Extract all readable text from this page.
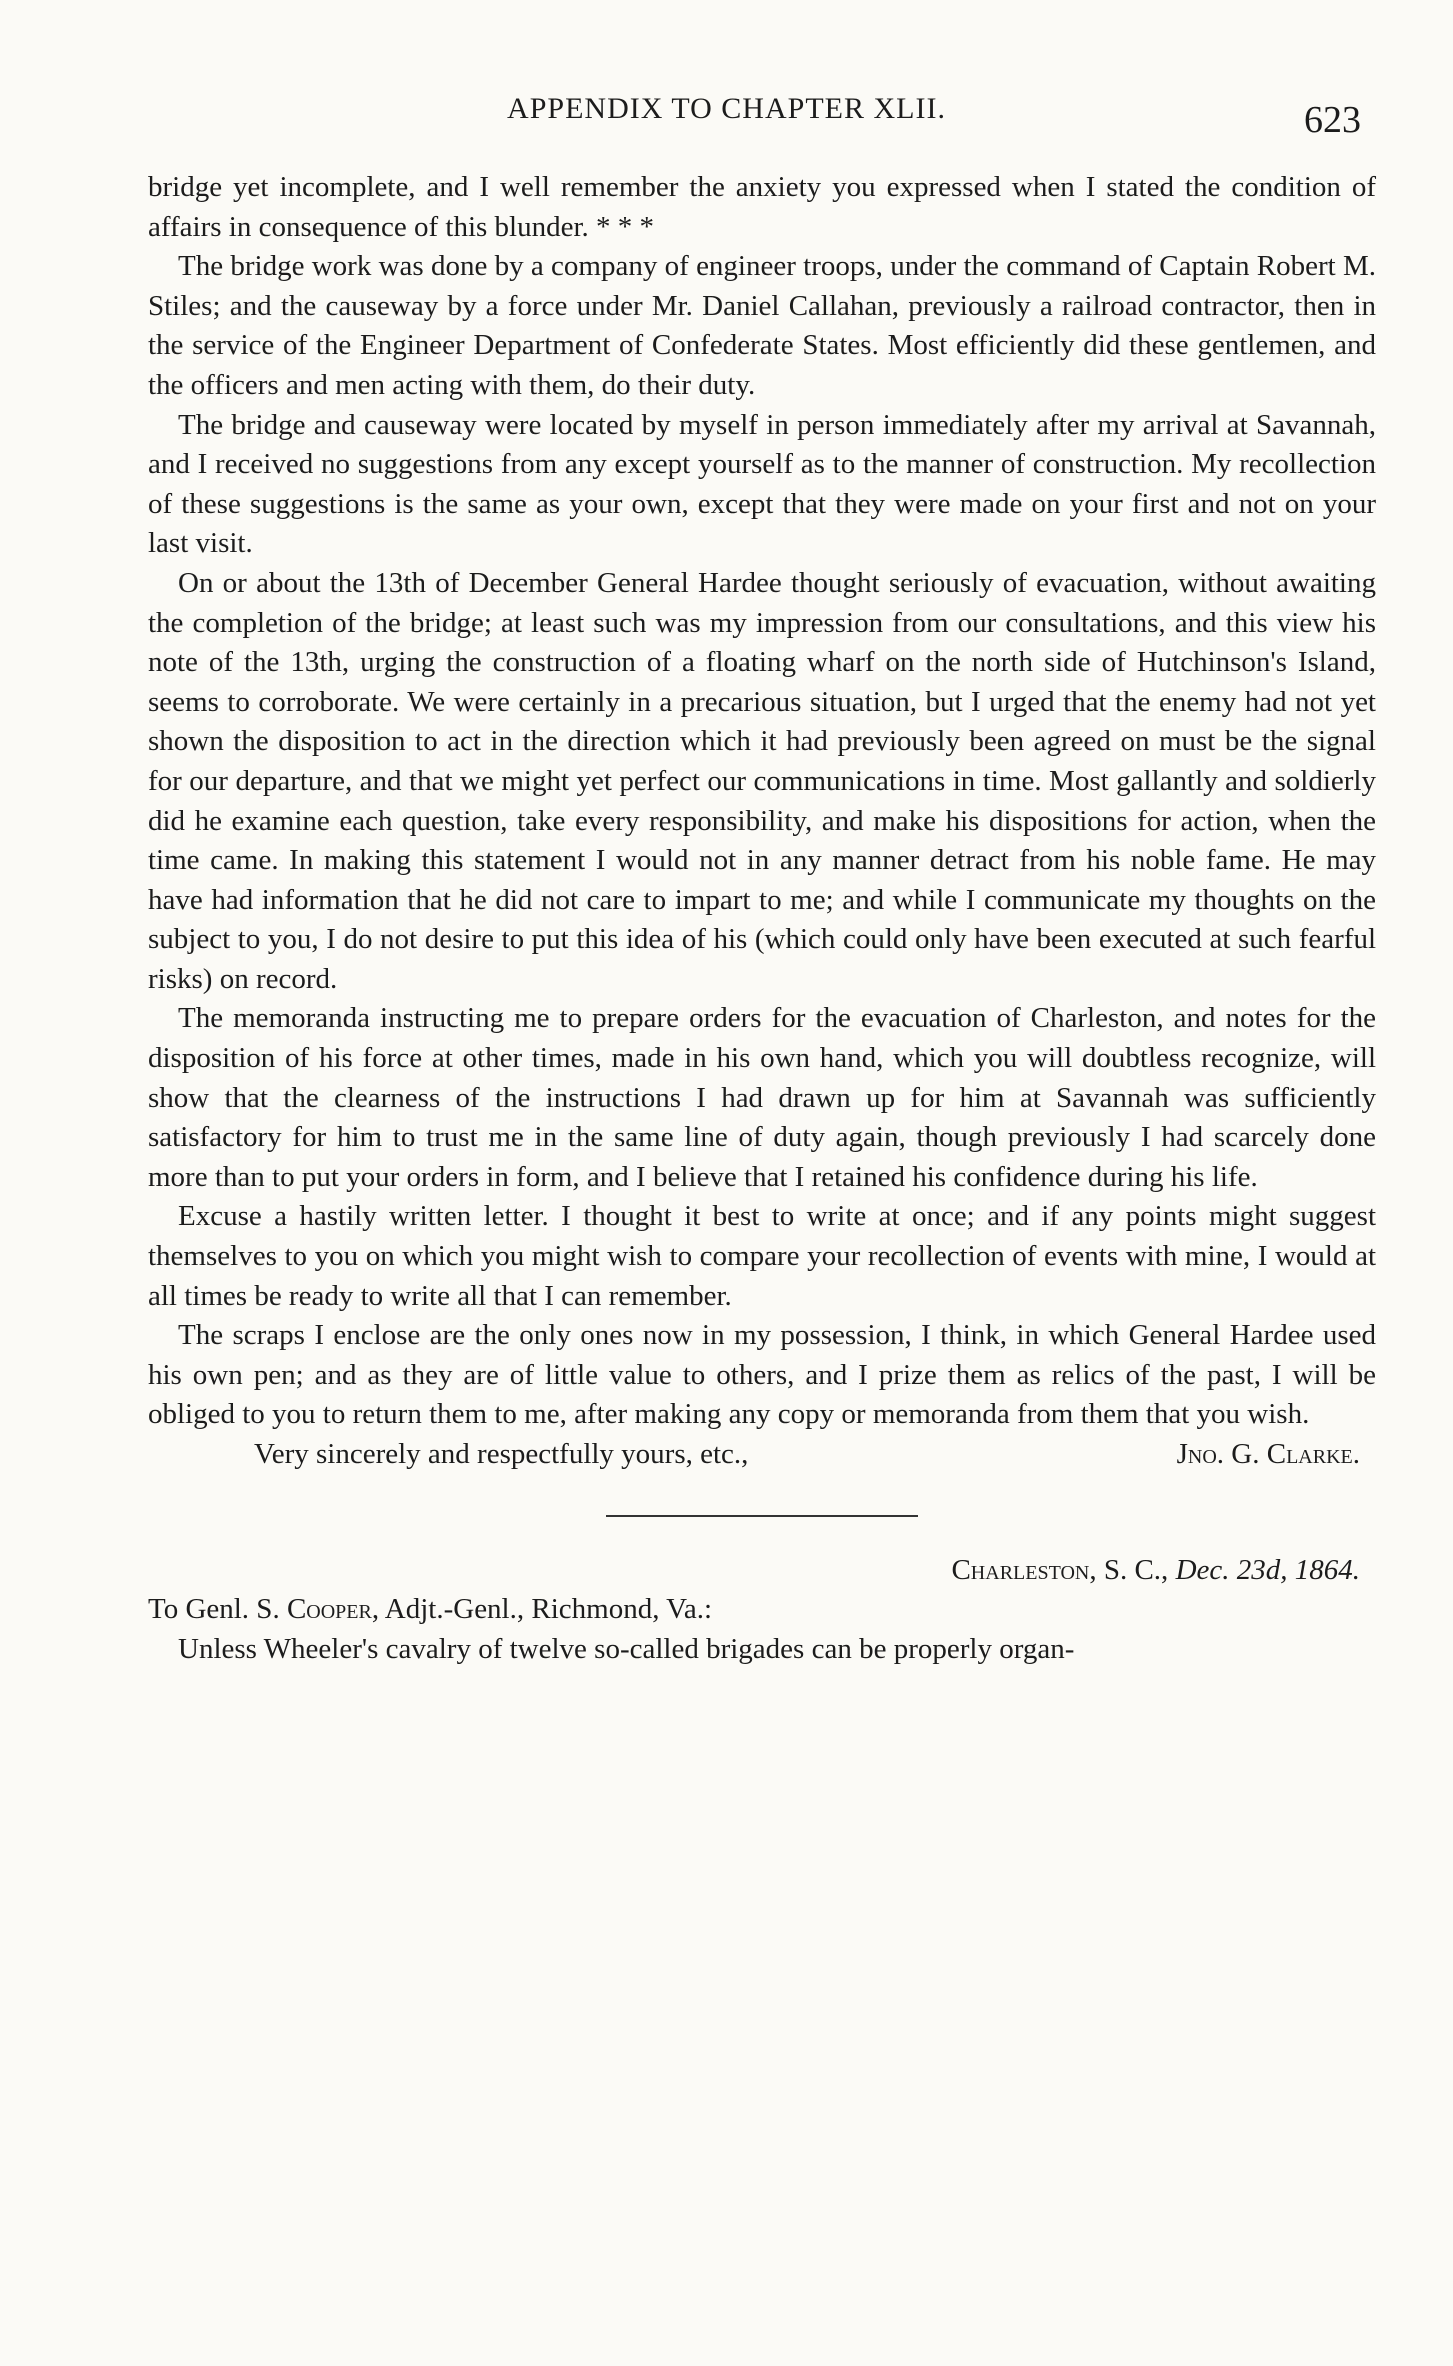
APPENDIX TO CHAPTER XLII.	623

bridge yet incomplete, and I well remember the anxiety you expressed when I stated the condition of affairs in consequence of this blunder. * * *

The bridge work was done by a company of engineer troops, under the command of Captain Robert M. Stiles; and the causeway by a force under Mr. Daniel Callahan, previously a railroad contractor, then in the service of the Engineer Department of Confederate States. Most efficiently did these gentlemen, and the officers and men acting with them, do their duty.

The bridge and causeway were located by myself in person immediately after my arrival at Savannah, and I received no suggestions from any except yourself as to the manner of construction. My recollection of these suggestions is the same as your own, except that they were made on your first and not on your last visit.

On or about the 13th of December General Hardee thought seriously of evacuation, without awaiting the completion of the bridge; at least such was my impression from our consultations, and this view his note of the 13th, urging the construction of a floating wharf on the north side of Hutchinson's Island, seems to corroborate. We were certainly in a precarious situation, but I urged that the enemy had not yet shown the disposition to act in the direction which it had previously been agreed on must be the signal for our departure, and that we might yet perfect our communications in time. Most gallantly and soldierly did he examine each question, take every responsibility, and make his dispositions for action, when the time came. In making this statement I would not in any manner detract from his noble fame. He may have had information that he did not care to impart to me; and while I communicate my thoughts on the subject to you, I do not desire to put this idea of his (which could only have been executed at such fearful risks) on record.

The memoranda instructing me to prepare orders for the evacuation of Charleston, and notes for the disposition of his force at other times, made in his own hand, which you will doubtless recognize, will show that the clearness of the instructions I had drawn up for him at Savannah was sufficiently satisfactory for him to trust me in the same line of duty again, though previously I had scarcely done more than to put your orders in form, and I believe that I retained his confidence during his life.

Excuse a hastily written letter. I thought it best to write at once; and if any points might suggest themselves to you on which you might wish to compare your recollection of events with mine, I would at all times be ready to write all that I can remember.

The scraps I enclose are the only ones now in my possession, I think, in which General Hardee used his own pen; and as they are of little value to others, and I prize them as relics of the past, I will be obliged to you to return them to me, after making any copy or memoranda from them that you wish.

Very sincerely and respectfully yours, etc.,	Jno. G. Clarke.

Charleston, S. C., Dec. 23d, 1864.

To Genl. S. Cooper, Adjt.-Genl., Richmond, Va.:

Unless Wheeler's cavalry of twelve so-called brigades can be properly organ-
